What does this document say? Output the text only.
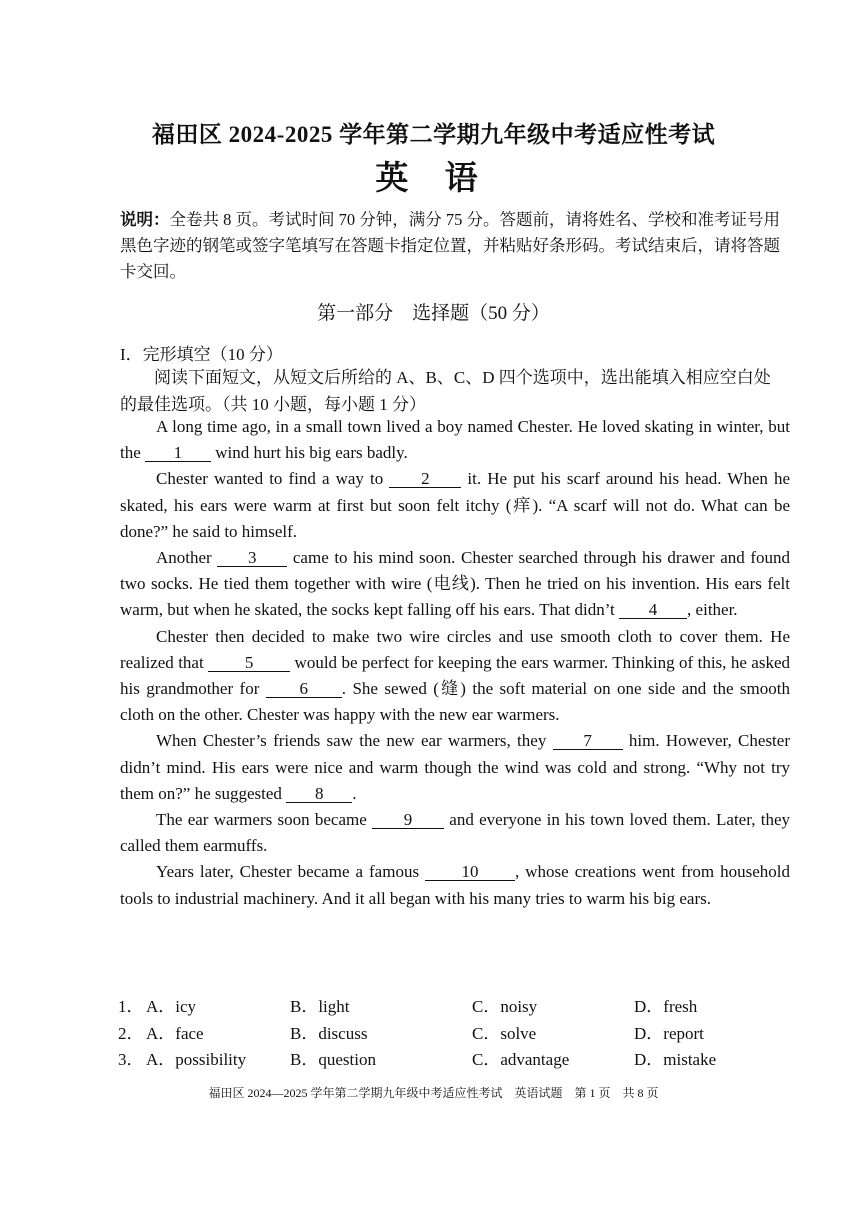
福田区 2024-2025 学年第二学期九年级中考适应性考试
英 语
说明：全卷共 8 页。考试时间 70 分钟，满分 75 分。答题前，请将姓名、学校和准考证号用黑色字迹的钢笔或签字笔填写在答题卡指定位置，并粘贴好条形码。考试结束后，请将答题卡交回。
第一部分　选择题（50 分）
I．完形填空（10 分）
阅读下面短文，从短文后所给的 A、B、C、D 四个选项中，选出能填入相应空白处的最佳选项。（共 10 小题，每小题 1 分）

A long time ago, in a small town lived a boy named Chester. He loved skating in winter, but the 1 wind hurt his big ears badly.

Chester wanted to find a way to 2 it. He put his scarf around his head. When he skated, his ears were warm at first but soon felt itchy (痒). “A scarf will not do. What can be done?” he said to himself.

Another 3 came to his mind soon. Chester searched through his drawer and found two socks. He tied them together with wire (电线). Then he tried on his invention. His ears felt warm, but when he skated, the socks kept falling off his ears. That didn’t 4 , either.

Chester then decided to make two wire circles and use smooth cloth to cover them. He realized that 5 would be perfect for keeping the ears warmer. Thinking of this, he asked his grandmother for 6 . She sewed (缝) the soft material on one side and the smooth cloth on the other. Chester was happy with the new ear warmers.

When Chester’s friends saw the new ear warmers, they 7 him. However, Chester didn’t mind. His ears were nice and warm though the wind was cold and strong. “Why not try them on?” he suggested 8 .

The ear warmers soon became 9 and everyone in his town loved them. Later, they called them earmuffs.

Years later, Chester became a famous 10 , whose creations went from household tools to industrial machinery. And it all began with his many tries to warm his big ears.

1． A．icy	B．light	C．noisy	D．fresh
2． A．face	B．discuss	C．solve	D．report
3． A．possibility	B．question	C．advantage	D．mistake
福田区 2024—2025 学年第二学期九年级中考适应性考试　英语试题　第 1 页　共 8 页
